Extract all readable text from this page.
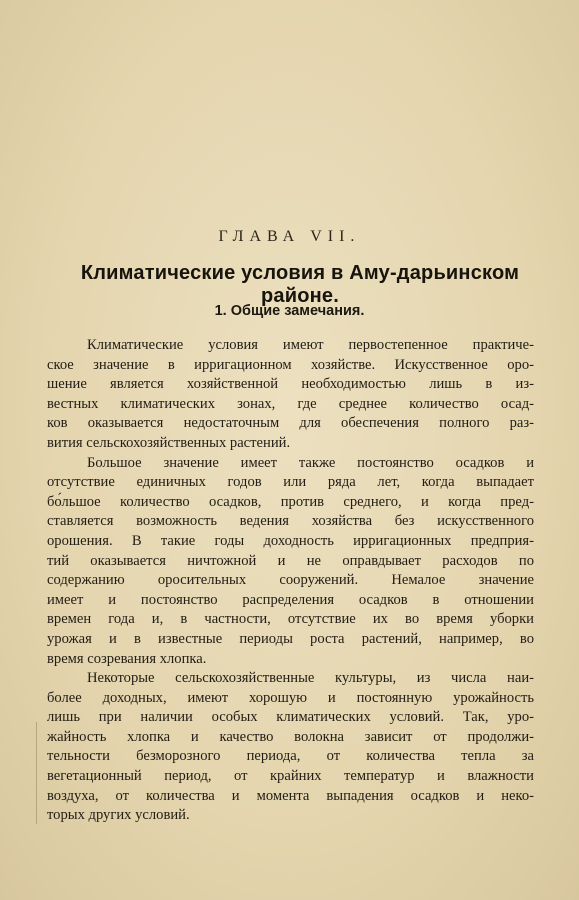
ГЛАВА VII.
Климатические условия в Аму-дарьинском районе.
1. Общие замечания.
Климатические условия имеют первостепенное практиче-
ское значение в ирригационном хозяйстве. Искусственное оро-
шение является хозяйственной необходимостью лишь в из-
вестных климатических зонах, где среднее количество осад-
ков оказывается недостаточным для обеспечения полного раз-
вития сельскохозяйственных растений.
Большое значение имеет также постоянство осадков и
отсутствие единичных годов или ряда лет, когда выпадает
бо́льшое количество осадков, против среднего, и когда пред-
ставляется возможность ведения хозяйства без искусственного
орошения. В такие годы доходность ирригационных предприя-
тий оказывается ничтожной и не оправдывает расходов по
содержанию оросительных сооружений. Немалое значение
имеет и постоянство распределения осадков в отношении
времен года и, в частности, отсутствие их во время уборки
урожая и в известные периоды роста растений, например, во
время созревания хлопка.
Некоторые сельскохозяйственные культуры, из числа наи-
более доходных, имеют хорошую и постоянную урожайность
лишь при наличии особых климатических условий. Так, уро-
жайность хлопка и качество волокна зависит от продолжи-
тельности безморозного периода, от количества тепла за
вегетационный период, от крайних температур и влажности
воздуха, от количества и момента выпадения осадков и неко-
торых других условий.
